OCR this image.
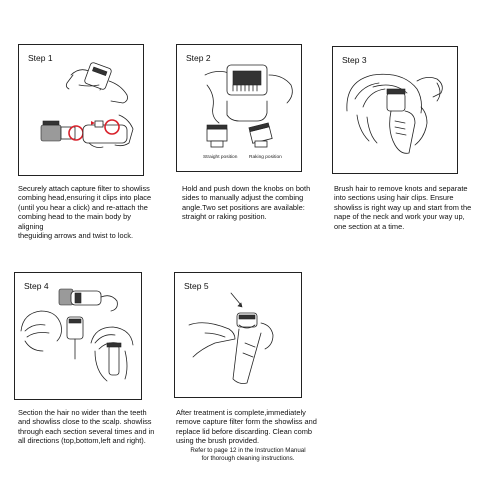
Step 1
Securely attach capture filter to showliss
combing head,ensuring it clips into place
(until you hear a click) and re-attach the
combing head to the main body by aligning
theguiding arrows and twist to lock.
Step 2
Straight position Raking position
Hold and push down the knobs on both
sides to manually adjust the combing
angle.Two set positions are available:
straight or raking position.
Step 3
Brush hair to remove knots and separate
into sections using hair clips. Ensure
showliss is right way up and start from the
nape of the neck and work your way up,
one section at a time.
Step 4
Section the hair no wider than the teeth
and showliss close to the scalp. showliss
through each section several times and in
all directions (top,bottom,left and right).
Step 5
After treatment is complete,immediately
remove capture filter form the showliss and
replace lid before discarding. Clean comb
using the brush provided.
Refer to page 12 in the Instruction Manual
for thorough cleaning instructions.
